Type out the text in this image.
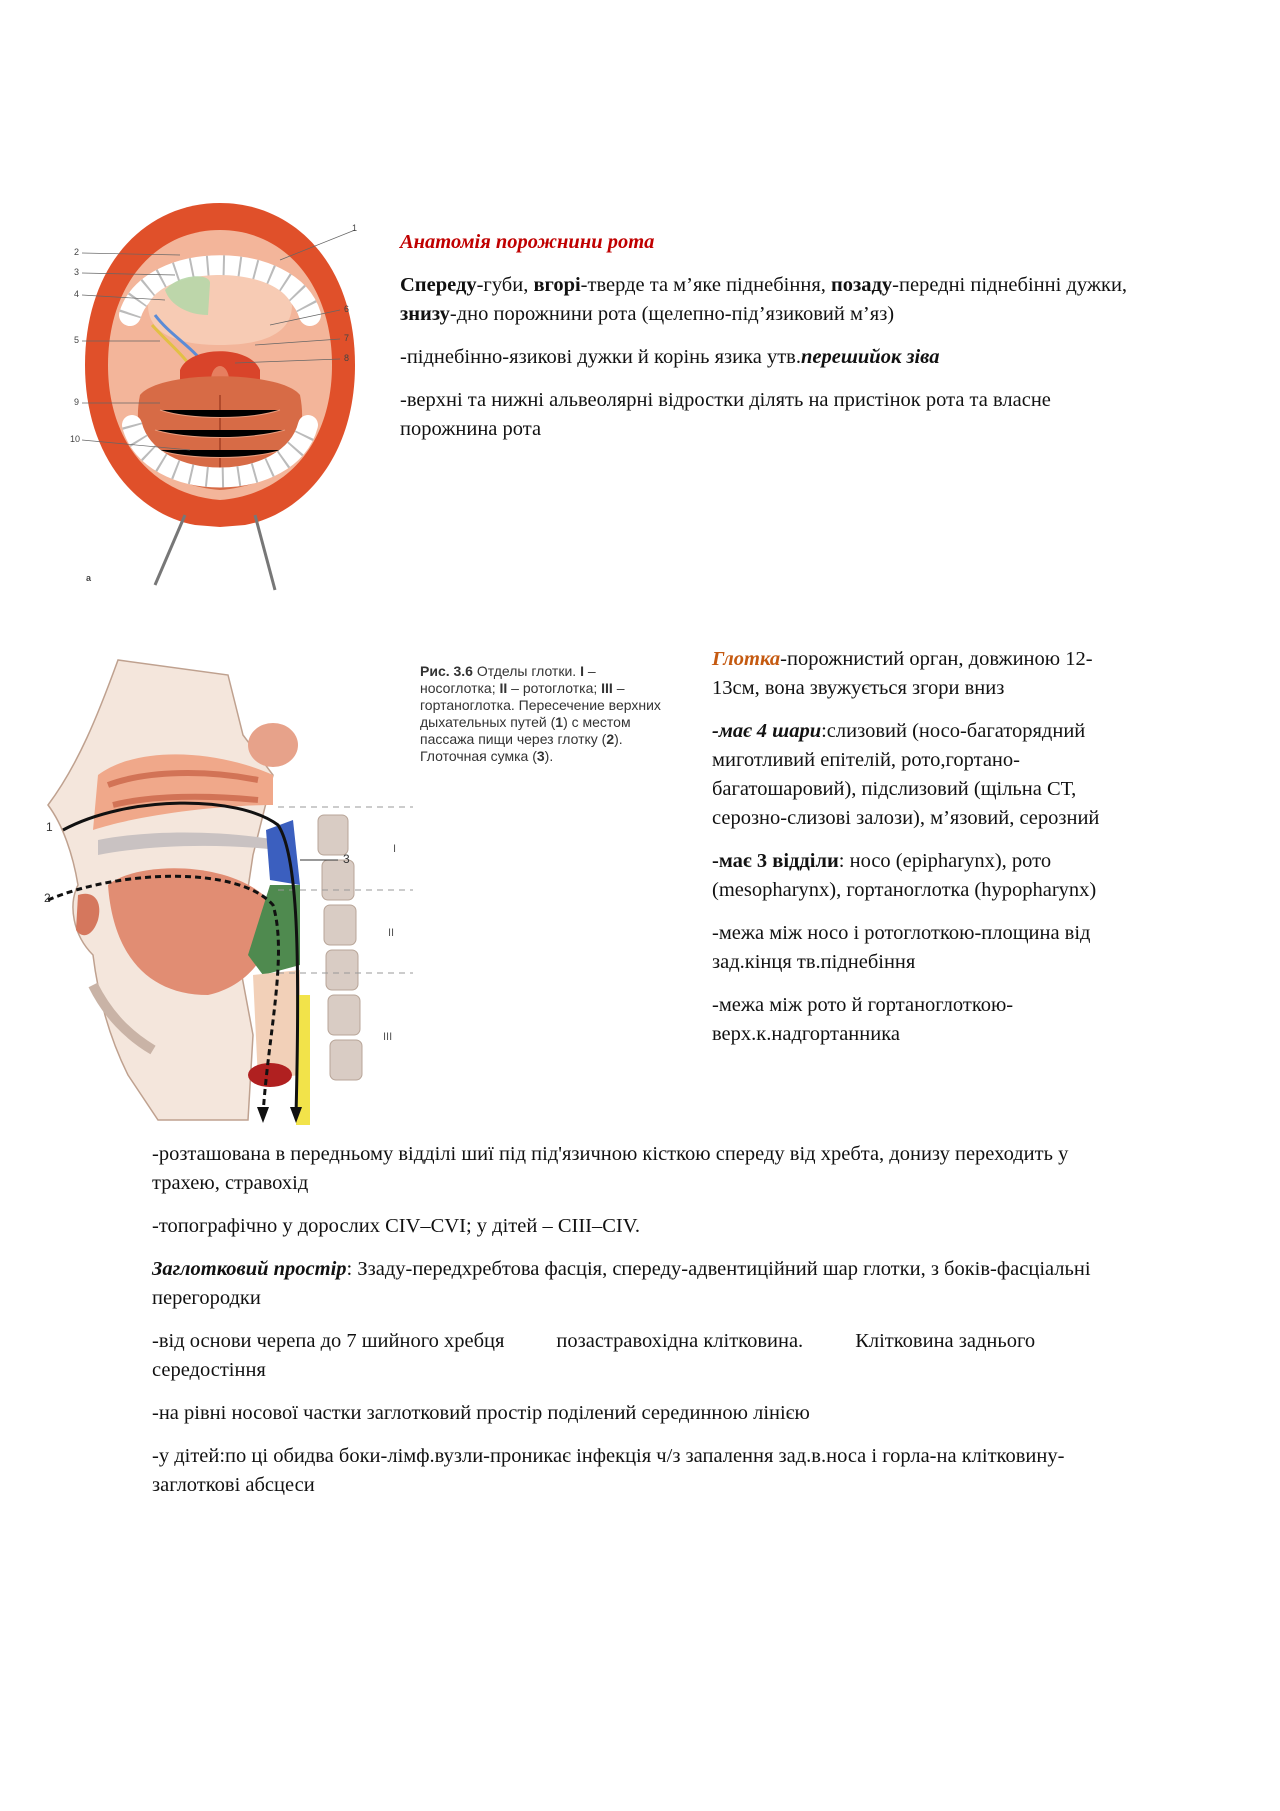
1
2
3
4
5
6
7
8
9
10
a

Анатомія порожнини рота

Спереду-губи, вгорі-тверде та м’яке піднебіння, позаду-передні піднебінні дужки, знизу-дно порожнини рота (щелепно-під’язиковий м’яз)

-піднебінно-язикові дужки й корінь язика утв.перешийок зіва

-верхні та нижні альвеолярні відростки ділять на пристінок рота та власне порожнина рота

1
2
3
I
II
III
Рис. 3.6 Отделы глотки. I – носоглотка; II – ротоглотка; III – гортаноглотка. Пересечение верхних дыхательных путей (1) с местом пассажа пищи через глотку (2). Глоточная сумка (3).

Глотка-порожнистий орган, довжиною 12-13см, вона звужується згори вниз

-має 4 шари:слизовий (носо-багаторядний миготливий епітелій, рото,гортано-багатошаровий), підслизовий (щільна СТ, серозно-слизові залози), м’язовий, серозний

-має 3 відділи: носо (epipharynx), рото (mesopharynx), гортаноглотка (hypopharynx)

-межа між носо і ротоглоткою-площина від зад.кінця тв.піднебіння

-межа між рото й гортаноглоткою-верх.к.надгортанника

-розташована в передньому відділі шиї під під'язичною кісткою спереду від хребта, донизу переходить у трахею, стравохід

-топографічно у дорослих CIV–CVI; у дітей – CIII–CIV.

Заглотковий простір: Ззаду-передхребтова фасція, спереду-адвентиційний шар глотки, з боків-фасціальні перегородки

-від основи черепа до 7 шийного хребця	позастравохідна клітковина.	Клітковина заднього середостіння

-на рівні носової частки заглотковий простір поділений серединною лінією

-у дітей:по ці обидва боки-лімф.вузли-проникає інфекція ч/з запалення зад.в.носа і горла-на клітковину-заглоткові абсцеси
